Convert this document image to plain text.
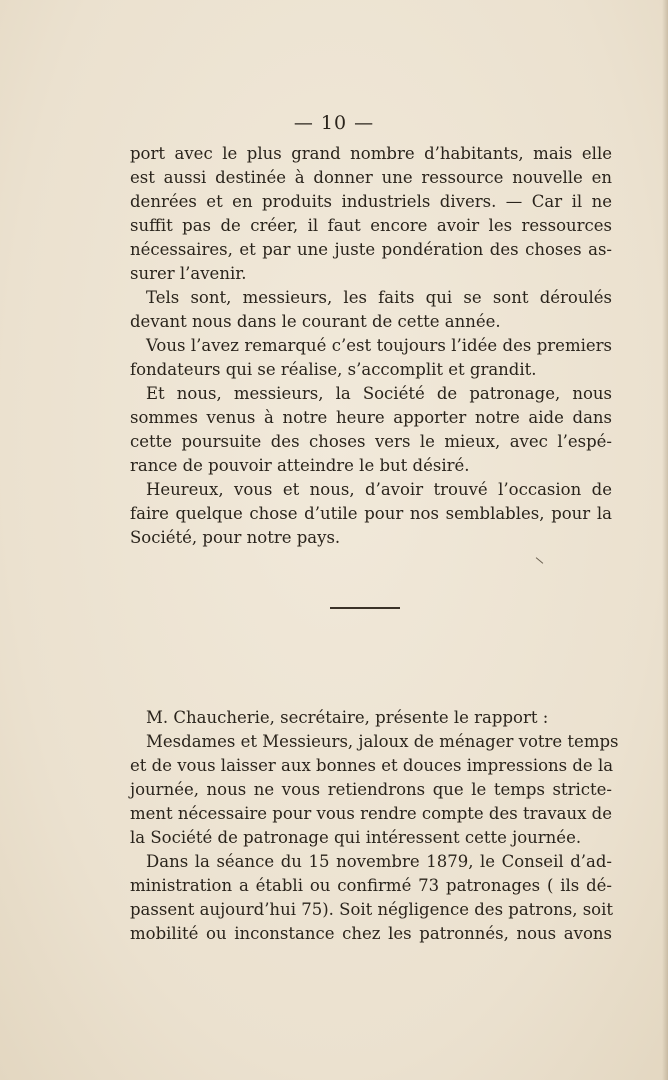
— 10 —
port avec le plus grand nombre d’habitants, mais elle
est aussi destinée à donner une ressource nouvelle en
denrées et en produits industriels divers. — Car il ne
suffit pas de créer, il faut encore avoir les ressources
nécessaires, et par une juste pondération des choses as-
surer l’avenir.
Tels sont, messieurs, les faits qui se sont déroulés
devant nous dans le courant de cette année.
Vous l’avez remarqué c’est toujours l’idée des premiers
fondateurs qui se réalise, s’accomplit et grandit.
Et nous, messieurs, la Société de patronage, nous
sommes venus à notre heure apporter notre aide dans
cette poursuite des choses vers le mieux, avec l’espé-
rance de pouvoir atteindre le but désiré.
Heureux, vous et nous, d’avoir trouvé l’occasion de
faire quelque chose d’utile pour nos semblables, pour la
Société, pour notre pays.
M. Chaucherie, secrétaire, présente le rapport :
Mesdames et Messieurs, jaloux de ménager votre temps
et de vous laisser aux bonnes et douces impressions de la
journée, nous ne vous retiendrons que le temps stricte-
ment nécessaire pour vous rendre compte des travaux de
la Société de patronage qui intéressent cette journée.
Dans la séance du 15 novembre 1879, le Conseil d’ad-
ministration a établi ou confirmé 73 patronages ( ils dé-
passent aujourd’hui 75). Soit négligence des patrons, soit
mobilité ou inconstance chez les patronnés, nous avons
